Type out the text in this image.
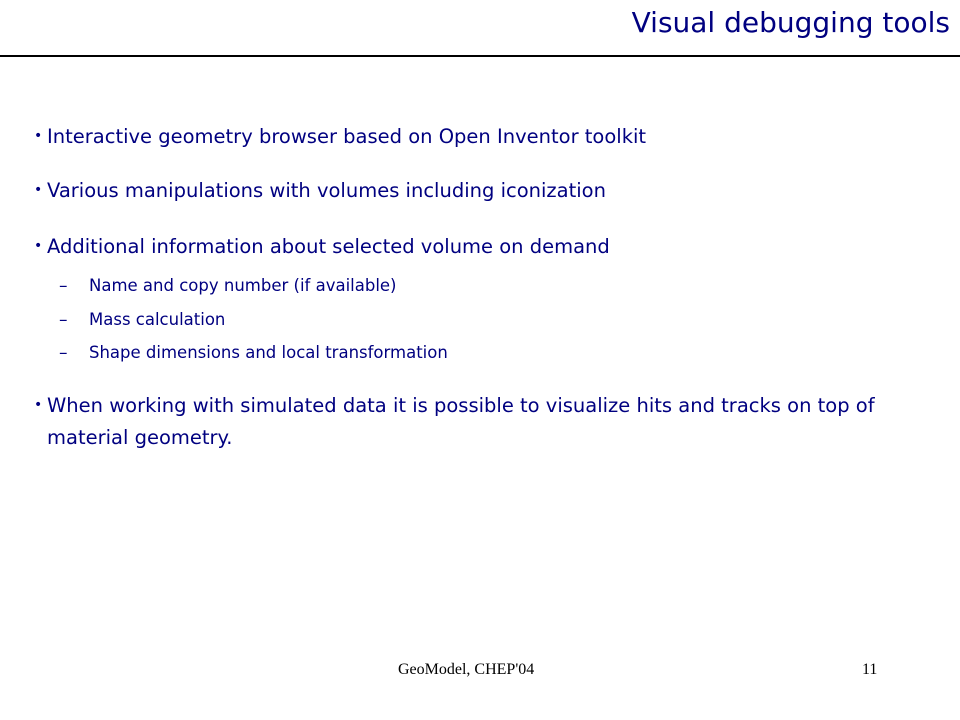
Visual debugging tools
• Interactive geometry browser based on Open Inventor toolkit
• Various manipulations with volumes including iconization
• Additional information about selected volume on demand
– Name and copy number (if available)
– Mass calculation
– Shape dimensions and local transformation
• When working with simulated data it is possible to visualize hits and tracks on top of material geometry.
GeoModel, CHEP'04	11
